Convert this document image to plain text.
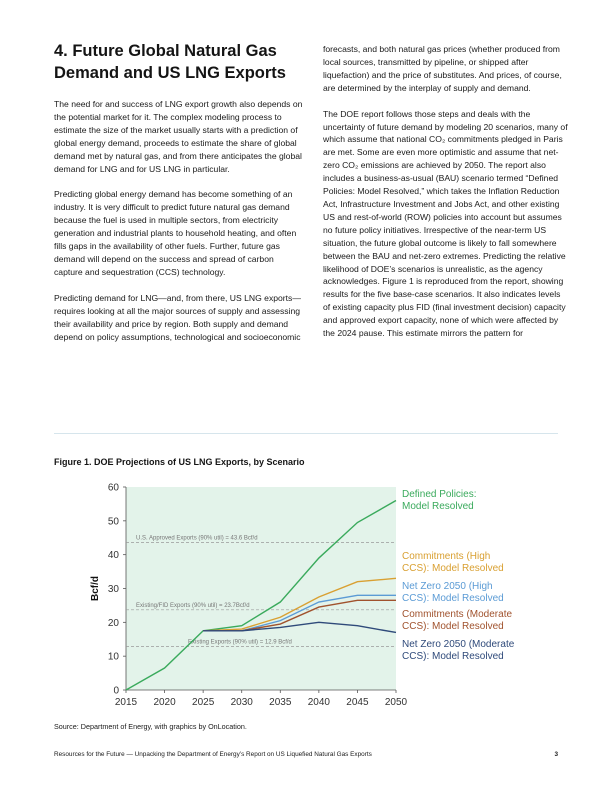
4. Future Global Natural Gas Demand and US LNG Exports

The need for and success of LNG export growth also depends on the potential market for it. The complex modeling process to estimate the size of the market usually starts with a prediction of global energy demand, proceeds to estimate the share of global demand met by natural gas, and from there anticipates the global demand for LNG and for US LNG in particular.

Predicting global energy demand has become something of an industry. It is very difficult to predict future natural gas demand because the fuel is used in multiple sectors, from electricity generation and industrial plants to household heating, and often fills gaps in the availability of other fuels. Further, future gas demand will depend on the success and spread of carbon capture and sequestration (CCS) technology.

Predicting demand for LNG—and, from there, US LNG exports—requires looking at all the major sources of supply and assessing their availability and price by region. Both supply and demand depend on policy assumptions, technological and socioeconomic

forecasts, and both natural gas prices (whether produced from local sources, transmitted by pipeline, or shipped after liquefaction) and the price of substitutes. And prices, of course, are determined by the interplay of supply and demand.

The DOE report follows those steps and deals with the uncertainty of future demand by modeling 20 scenarios, many of which assume that national CO₂ commitments pledged in Paris are met. Some are even more optimistic and assume that net-zero CO₂ emissions are achieved by 2050. The report also includes a business-as-usual (BAU) scenario termed “Defined Policies: Model Resolved,” which takes the Inflation Reduction Act, Infrastructure Investment and Jobs Act, and other existing US and rest-of-world (ROW) policies into account but assumes no future policy initiatives. Irrespective of the near-term US situation, the future global outcome is likely to fall somewhere between the BAU and net-zero extremes. Predicting the relative likelihood of DOE’s scenarios is unrealistic, as the agency acknowledges. Figure 1 is reproduced from the report, showing results for the five base-case scenarios. It also indicates levels of existing capacity plus FID (final investment decision) capacity and approved export capacity, none of which were affected by the 2024 pause. This estimate mirrors the pattern for

Figure 1. DOE Projections of US LNG Exports, by Scenario
0
10
20
30
40
50
60
2015 2020 2025 2030 2035 2040 2045 2050
Bcf/d
U.S. Approved Exports (90% util) = 43.6 Bcf/d
Existing/FID Exports (90% util) = 23.7Bcf/d
Existing Exports (90% util) = 12.9 Bcf/d
Defined Policies:
Model Resolved
Commitments (High
CCS): Model Resolved
Net Zero 2050 (High
CCS): Model Resolved
Commitments (Moderate
CCS): Model Resolved
Net Zero 2050 (Moderate
CCS): Model Resolved
Source: Department of Energy, with graphics by OnLocation.
Resources for the Future — Unpacking the Department of Energy’s Report on US Liquefied Natural Gas Exports	3
